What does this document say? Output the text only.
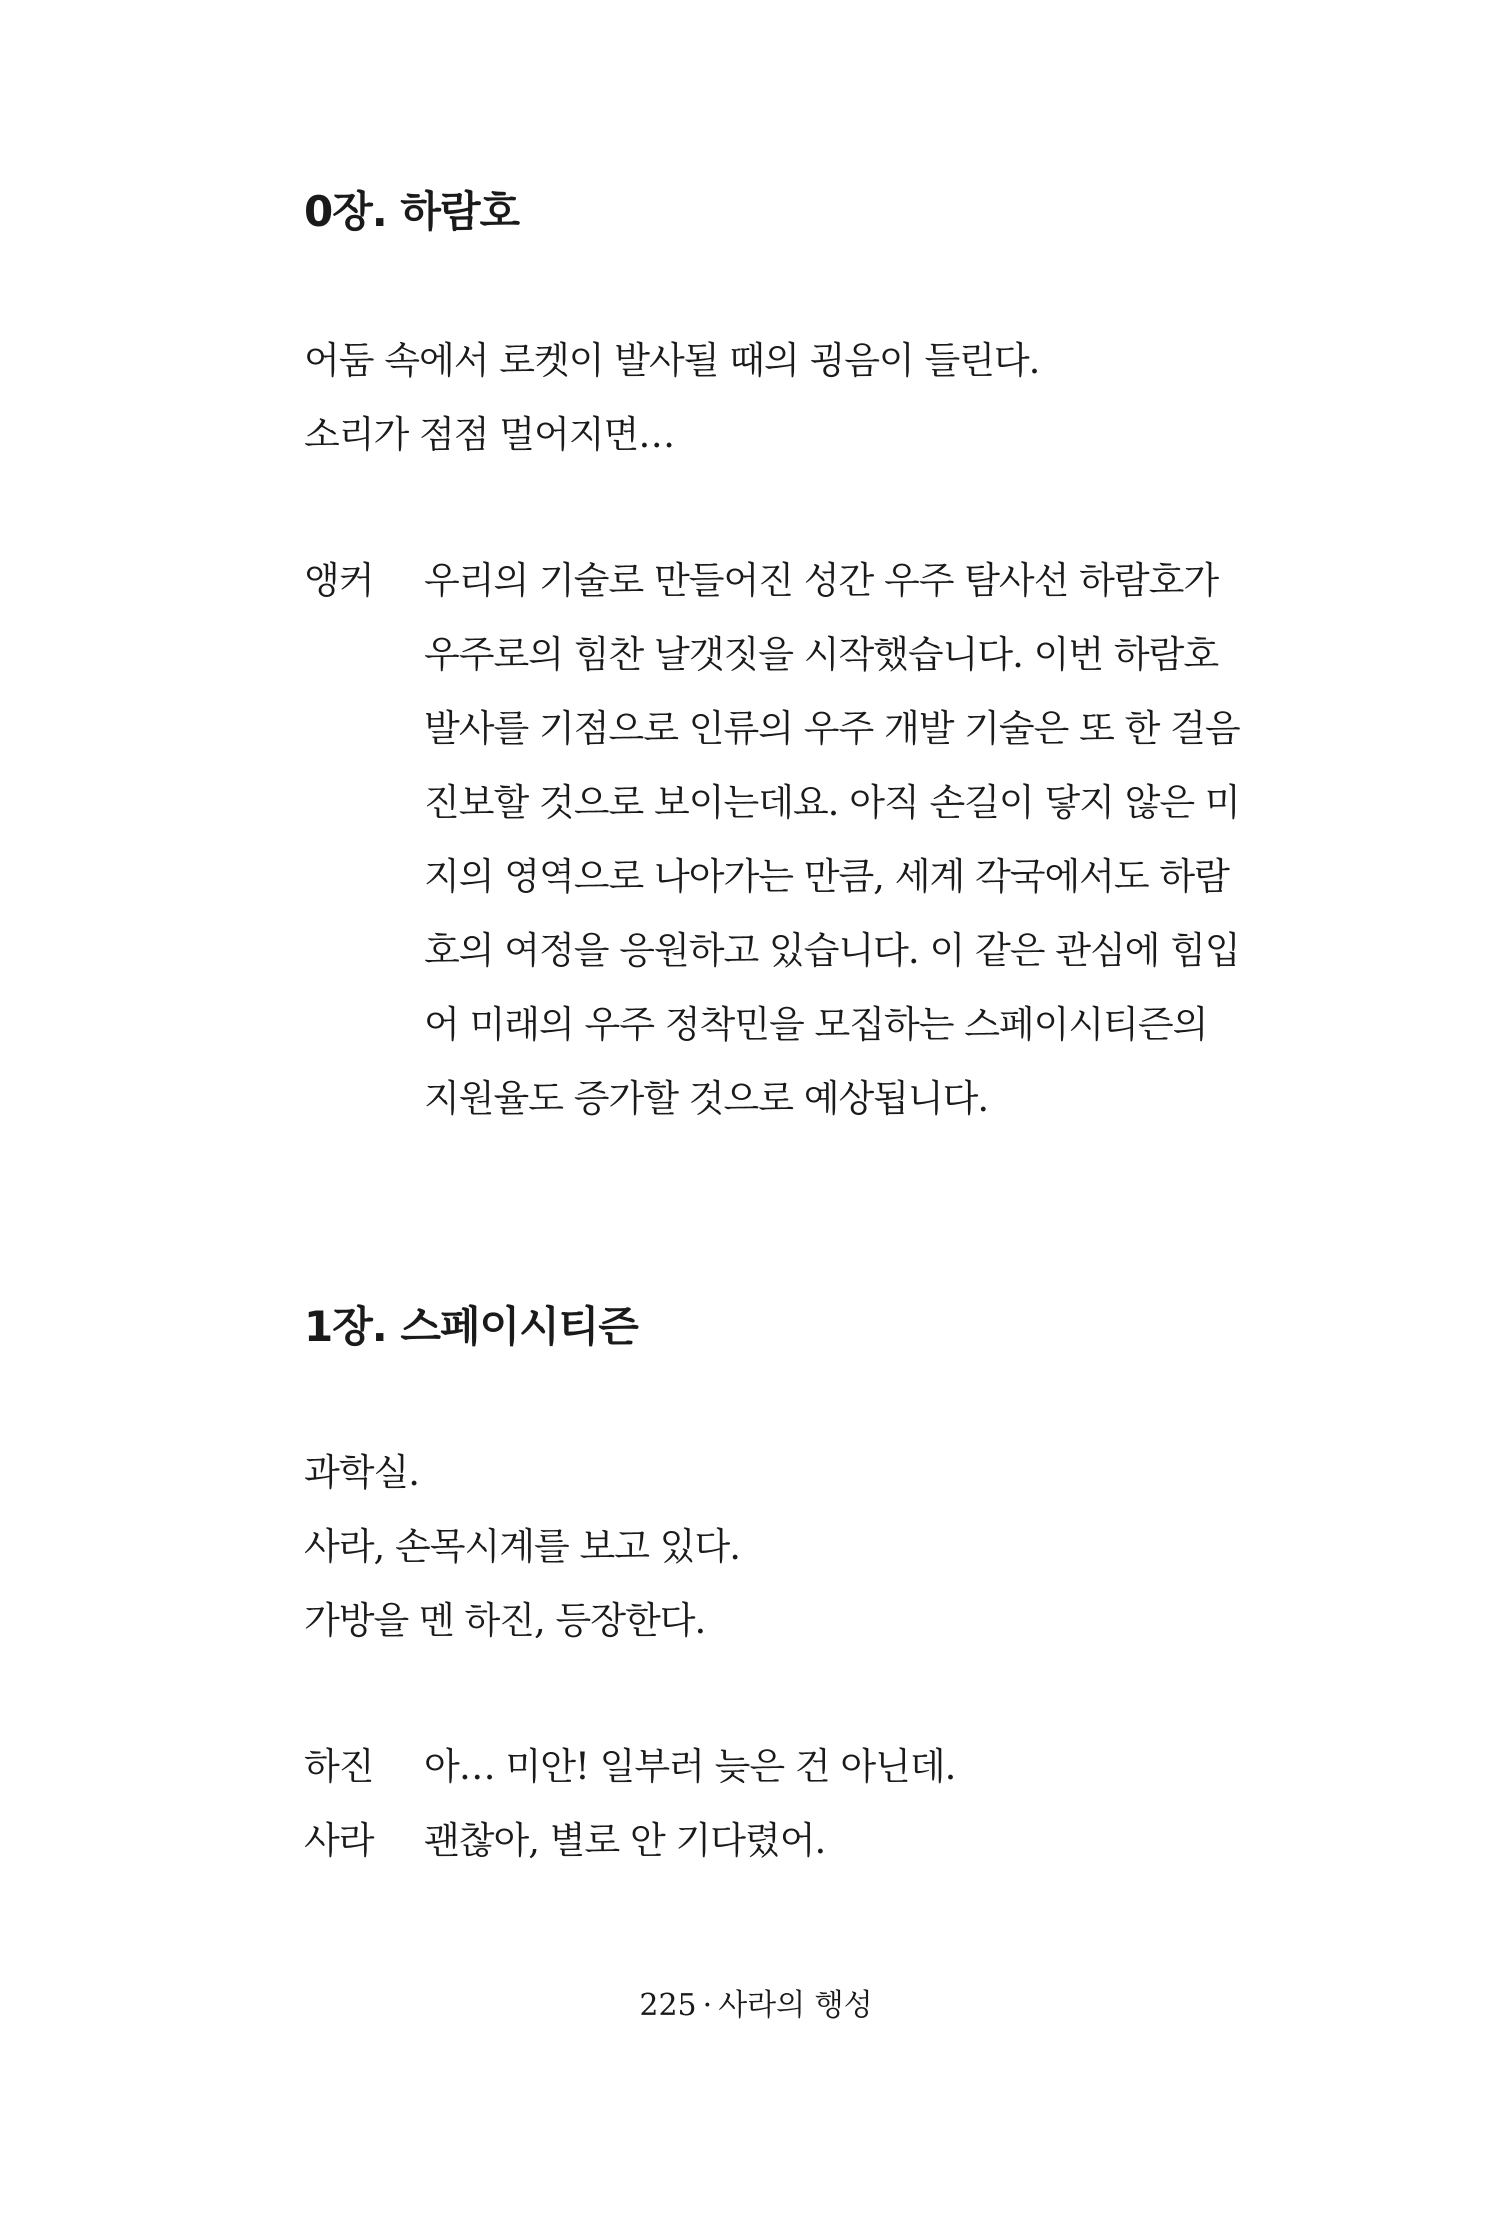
0장. 하람호
어둠 속에서 로켓이 발사될 때의 굉음이 들린다.
소리가 점점 멀어지면…
앵커 우리의 기술로 만들어진 성간 우주 탐사선 하람호가
우주로의 힘찬 날갯짓을 시작했습니다. 이번 하람호
발사를 기점으로 인류의 우주 개발 기술은 또 한 걸음
진보할 것으로 보이는데요. 아직 손길이 닿지 않은 미
지의 영역으로 나아가는 만큼, 세계 각국에서도 하람
호의 여정을 응원하고 있습니다. 이 같은 관심에 힘입
어 미래의 우주 정착민을 모집하는 스페이시티즌의
지원율도 증가할 것으로 예상됩니다.
1장. 스페이시티즌
과학실.
사라, 손목시계를 보고 있다.
가방을 멘 하진, 등장한다.
하진 아… 미안! 일부러 늦은 건 아닌데.
사라 괜찮아, 별로 안 기다렸어.
225 · 사라의 행성
